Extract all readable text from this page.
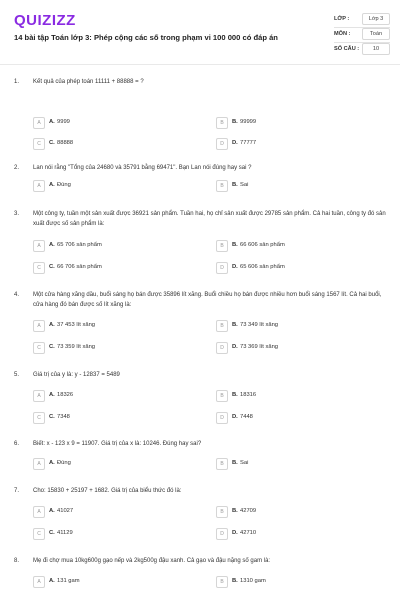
QUIZIZZ
14 bài tập Toán lớp 3: Phép cộng các số trong phạm vi 100 000 có đáp án
LỚP :	Lớp 3
MÔN :	Toán
SỐ CÂU :	10
1. Kết quả của phép toán 11111 + 88888 = ?
A	A. 9999	B	B. 99999
C	C. 88888	D	D. 77777
2. Lan nói rằng "Tổng của 24680 và 35791 bằng 69471". Bạn Lan nói đúng hay sai ?
A	A. Đúng	B	B. Sai
3. Một công ty, tuần một sản xuất được 36921 sản phẩm. Tuần hai, họ chỉ sản xuất được 29785 sản phẩm. Cả hai tuần, công ty đó sản xuất được số sản phẩm là:
A	A. 65 706 sản phẩm	B	B. 66 606 sản phẩm
C	C. 66 706 sản phẩm	D	D. 65 606 sản phẩm
4. Một cửa hàng xăng dầu, buổi sáng họ bán được 35896 lít xăng. Buổi chiều họ bán được nhiều hơn buổi sáng 1567 lít. Cả hai buổi, cửa hàng đó bán được số lít xăng là:
A	A. 37 453 lít xăng	B	B. 73 349 lít xăng
C	C. 73 359 lít xăng	D	D. 73 369 lít xăng
5. Giá trị của y là: y - 12837 = 5489
A	A. 18326	B	B. 18316
C	C. 7348	D	D. 7448
6. Biết: x - 123 x 9 = 11907. Giá trị của x là: 10246. Đúng hay sai?
A	A. Đúng	B	B. Sai
7. Cho: 15830 + 25197 + 1682. Giá trị của biểu thức đó là:
A	A. 41027	B	B. 42709
C	C. 41129	D	D. 42710
8. Mẹ đi chợ mua 10kg600g gạo nếp và 2kg500g đậu xanh. Cả gạo và đậu nặng số gam là:
A	A. 131 gam	B	B. 1310 gam
